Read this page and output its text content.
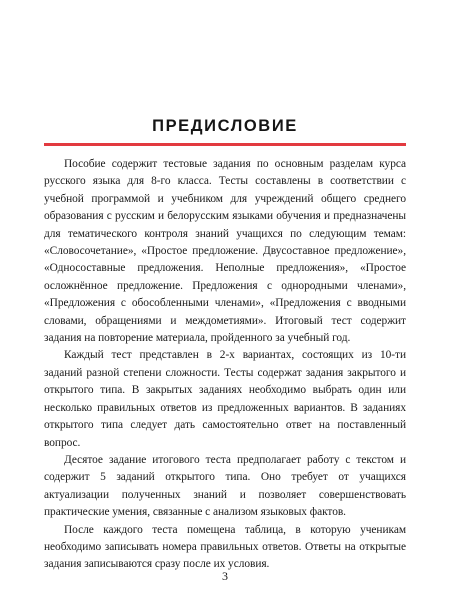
ПРЕДИСЛОВИЕ

Пособие содержит тестовые задания по основным разделам курса русского языка для 8-го класса. Тесты составлены в соответствии с учебной программой и учебником для учреждений общего среднего образования с русским и белорусским языками обучения и предназначены для тематического контроля знаний учащихся по следующим темам: «Словосочетание», «Простое предложение. Двусоставное предложение», «Односоставные предложения. Неполные предложения», «Простое осложнённое предложение. Предложения с однородными членами», «Предложения с обособленными членами», «Предложения с вводными словами, обращениями и междометиями». Итоговый тест содержит задания на повторение материала, пройденного за учебный год.

Каждый тест представлен в 2-х вариантах, состоящих из 10-ти заданий разной степени сложности. Тесты содержат задания закрытого и открытого типа. В закрытых заданиях необходимо выбрать один или несколько правильных ответов из предложенных вариантов. В заданиях открытого типа следует дать самостоятельно ответ на поставленный вопрос.

Десятое задание итогового теста предполагает работу с текстом и содержит 5 заданий открытого типа. Оно требует от учащихся актуализации полученных знаний и позволяет совершенствовать практические умения, связанные с анализом языковых фактов.

После каждого теста помещена таблица, в которую ученикам необходимо записывать номера правильных ответов. Ответы на открытые задания записываются сразу после их условия.

3
